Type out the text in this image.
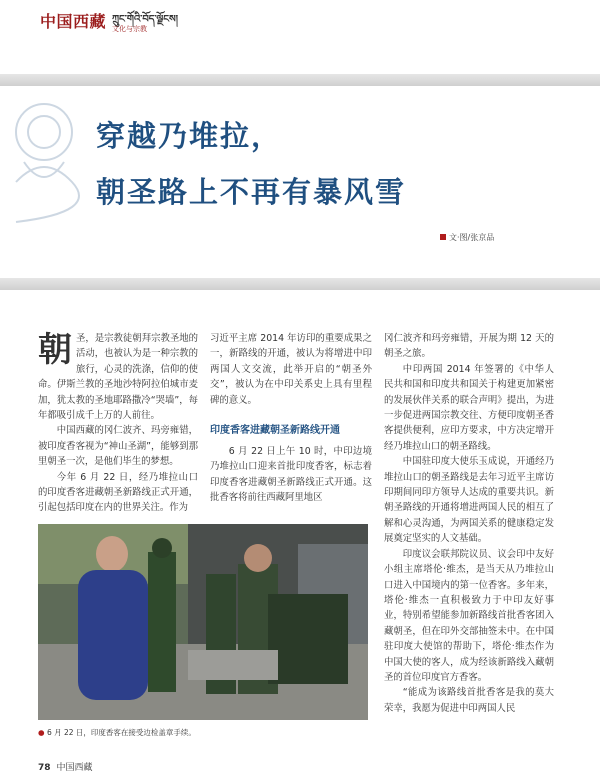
中国西藏 ཀྲུང་གོའི་བོད་ལྗོངས།
文化与宗教
穿越乃堆拉，
朝圣路上不再有暴风雪
文·图/张京品

朝圣，是宗教徒朝拜宗教圣地的活动，也被认为是一种宗教的旅行，心灵的洗涤，信仰的使命。伊斯兰教的圣地沙特阿拉伯城市麦加，犹太教的圣地耶路撒冷“哭墙”，每年都吸引成千上万的人前往。

中国西藏的冈仁波齐、玛旁雍错，被印度香客视为“神山圣湖”，能够到那里朝圣一次，是他们毕生的梦想。

今年 6 月 22 日，经乃堆拉山口的印度香客进藏朝圣新路线正式开通，引起包括印度在内的世界关注。作为

习近平主席 2014 年访印的重要成果之一，新路线的开通，被认为将增进中印两国人文交流，此举开启的“朝圣外交”，被认为在中印关系史上具有里程碑的意义。

印度香客进藏朝圣新路线开通

6 月 22 日上午 10 时，中印边境乃堆拉山口迎来首批印度香客，标志着印度香客进藏朝圣新路线正式开通。这批香客将前往西藏阿里地区

冈仁波齐和玛旁雍错，开展为期 12 天的朝圣之旅。

中印两国 2014 年签署的《中华人民共和国和印度共和国关于构建更加紧密的发展伙伴关系的联合声明》提出，为进一步促进两国宗教交往、方便印度朝圣香客提供便利，应印方要求，中方决定增开经乃堆拉山口的朝圣路线。

中国驻印度大使乐玉成说，开通经乃堆拉山口的朝圣路线是去年习近平主席访印期间同印方领导人达成的重要共识。新朝圣路线的开通将增进两国人民的相互了解和心灵沟通，为两国关系的健康稳定发展奠定坚实的人文基础。

印度议会联邦院议员、议会印中友好小组主席塔伦·维杰，是当天从乃堆拉山口进入中国境内的第一位香客。多年来，塔伦·维杰一直积极致力于中印友好事业，特别希望能参加新路线首批香客团入藏朝圣，但在印外交部抽签未中。在中国驻印度大使馆的帮助下，塔伦·维杰作为中国大使的客人，成为经该新路线入藏朝圣的首位印度官方香客。

“能成为该路线首批香客是我的莫大荣幸，我愿为促进中印两国人民

● 6 月 22 日，印度香客在接受边检盖章手续。
78 中国西藏
